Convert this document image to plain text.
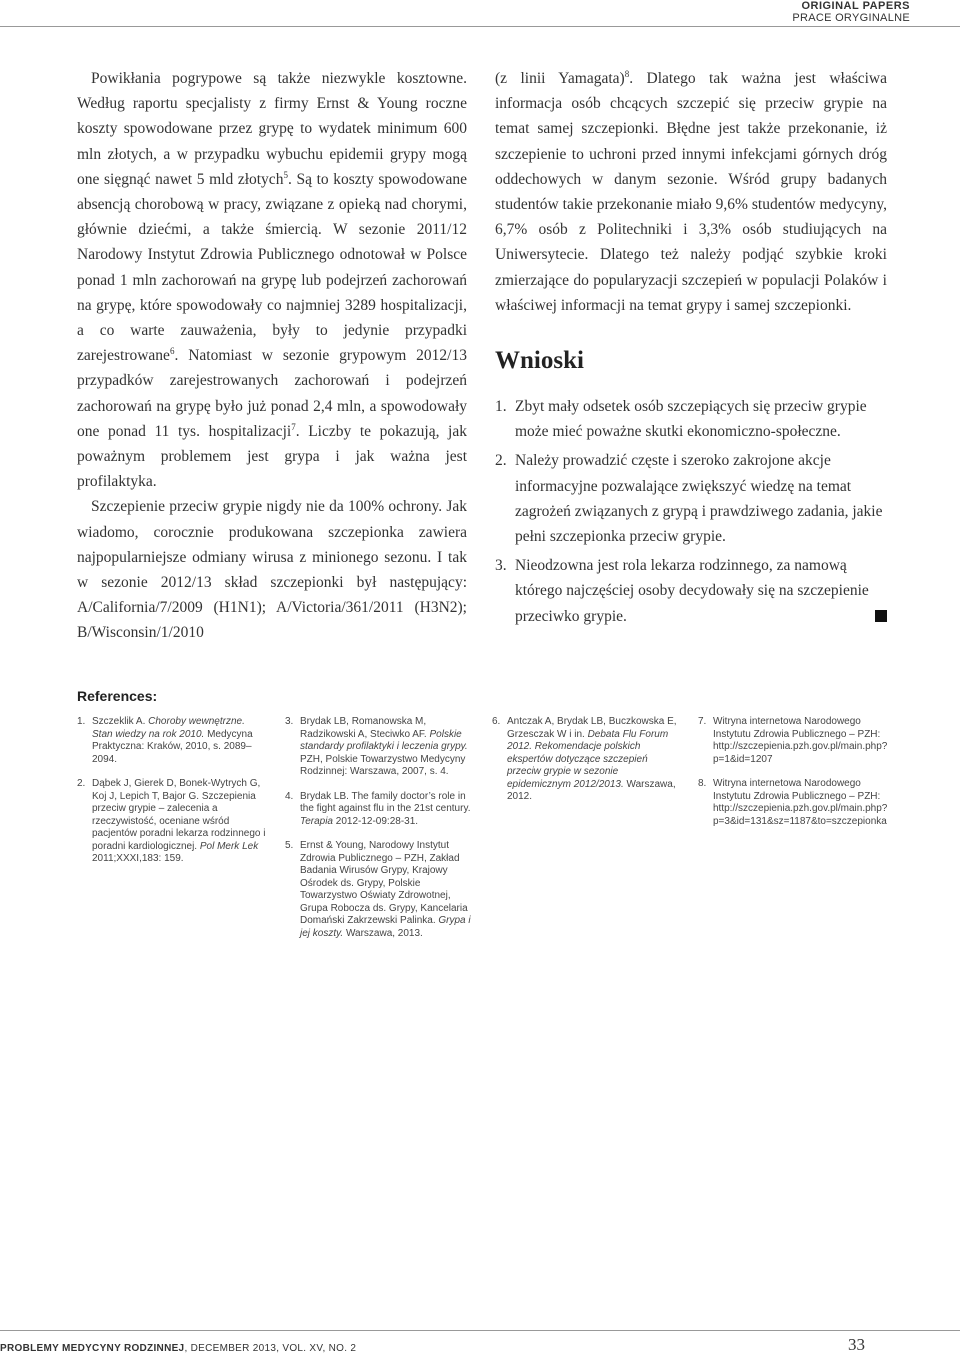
ORIGINAL PAPERS
PRACE ORYGINALNE

Powikłania pogrypowe są także niezwykle kosztowne. Według raportu specjalisty z firmy Ernst & Young roczne koszty spowodowane przez grypę to wydatek minimum 600 mln złotych, a w przypadku wybuchu epidemii grypy mogą one sięgnąć nawet 5 mld złotych$^5$. Są to koszty spowodowane absencją chorobową w pracy, związane z opieką nad chorymi, głównie dziećmi, a także śmiercią. W sezonie 2011/12 Narodowy Instytut Zdrowia Publicznego odnotował w Polsce ponad 1 mln zachorowań na grypę lub podejrzeń zachorowań na grypę, które spowodowały co najmniej 3289 hospitalizacji, a co warte zauważenia, były to jedynie przypadki zarejestrowane$^6$. Natomiast w sezonie grypowym 2012/13 przypadków zarejestrowanych zachorowań i podejrzeń zachorowań na grypę było już ponad 2,4 mln, a spowodowały one ponad 11 tys. hospitalizacji$^7$. Liczby te pokazują, jak poważnym problemem jest grypa i jak ważna jest profilaktyka.

Szczepienie przeciw grypie nigdy nie da 100% ochrony. Jak wiadomo, corocznie produkowana szczepionka zawiera najpopularniejsze odmiany wirusa z minionego sezonu. I tak w sezonie 2012/13 skład szczepionki był następujący: A/California/7/2009 (H1N1); A/Victoria/361/2011 (H3N2); B/Wisconsin/1/2010

(z linii Yamagata)$^8$. Dlatego tak ważna jest właściwa informacja osób chcących szczepić się przeciw grypie na temat samej szczepionki. Błędne jest także przekonanie, iż szczepienie to uchroni przed innymi infekcjami górnych dróg oddechowych w danym sezonie. Wśród grupy badanych studentów takie przekonanie miało 9,6% studentów medycyny, 6,7% osób z Politechniki i 3,3% osób studiujących na Uniwersytecie. Dlatego też należy podjąć szybkie kroki zmierzające do popularyzacji szczepień w populacji Polaków i właściwej informacji na temat grypy i samej szczepionki.

Wnioski
1. Zbyt mały odsetek osób szczepiących się przeciw grypie może mieć poważne skutki ekonomiczno-społeczne.
2. Należy prowadzić częste i szeroko zakrojone akcje informacyjne pozwalające zwiększyć wiedzę na temat zagrożeń związanych z grypą i prawdziwego zadania, jakie pełni szczepionka przeciw grypie.
3. Nieodzowna jest rola lekarza rodzinnego, za namową którego najczęściej osoby decydowały się na szczepienie przeciwko grypie.
References:
1. Szczeklik A. Choroby wewnętrzne. Stan wiedzy na rok 2010. Medycyna Praktyczna: Kraków, 2010, s. 2089–2094.
2. Dąbek J, Gierek D, Bonek-Wytrych G, Koj J, Lepich T, Bajor G. Szczepienia przeciw grypie – zalecenia a rzeczywistość, oceniane wśród pacjentów poradni lekarza rodzinnego i poradni kardiologicznej. Pol Merk Lek 2011;XXXI,183: 159.
3. Brydak LB, Romanowska M, Radzikowski A, Steciwko AF. Polskie standardy profilaktyki i leczenia grypy. PZH, Polskie Towarzystwo Medycyny Rodzinnej: Warszawa, 2007, s. 4.
4. Brydak LB. The family doctor’s role in the fight against flu in the 21st century. Terapia 2012-12-09:28-31.
5. Ernst & Young, Narodowy Instytut Zdrowia Publicznego – PZH, Zakład Badania Wirusów Grypy, Krajowy Ośrodek ds. Grypy, Polskie Towarzystwo Oświaty Zdrowotnej, Grupa Robocza ds. Grypy, Kancelaria Domański Zakrzewski Palinka. Grypa i jej koszty. Warszawa, 2013.
6. Antczak A, Brydak LB, Buczkowska E, Grzesczak W i in. Debata Flu Forum 2012. Rekomendacje polskich ekspertów dotyczące szczepień przeciw grypie w sezonie epidemicznym 2012/2013. Warszawa, 2012.
7. Witryna internetowa Narodowego Instytutu Zdrowia Publicznego – PZH: http://szczepienia.pzh.gov.pl/main.php?p=1&id=1207
8. Witryna internetowa Narodowego Instytutu Zdrowia Publicznego – PZH: http://szczepienia.pzh.gov.pl/main.php?p=3&id=131&sz=1187&to=szczepionka
PROBLEMY MEDYCYNY RODZINNEJ, DECEMBER 2013, VOL. XV, NO. 2	33
